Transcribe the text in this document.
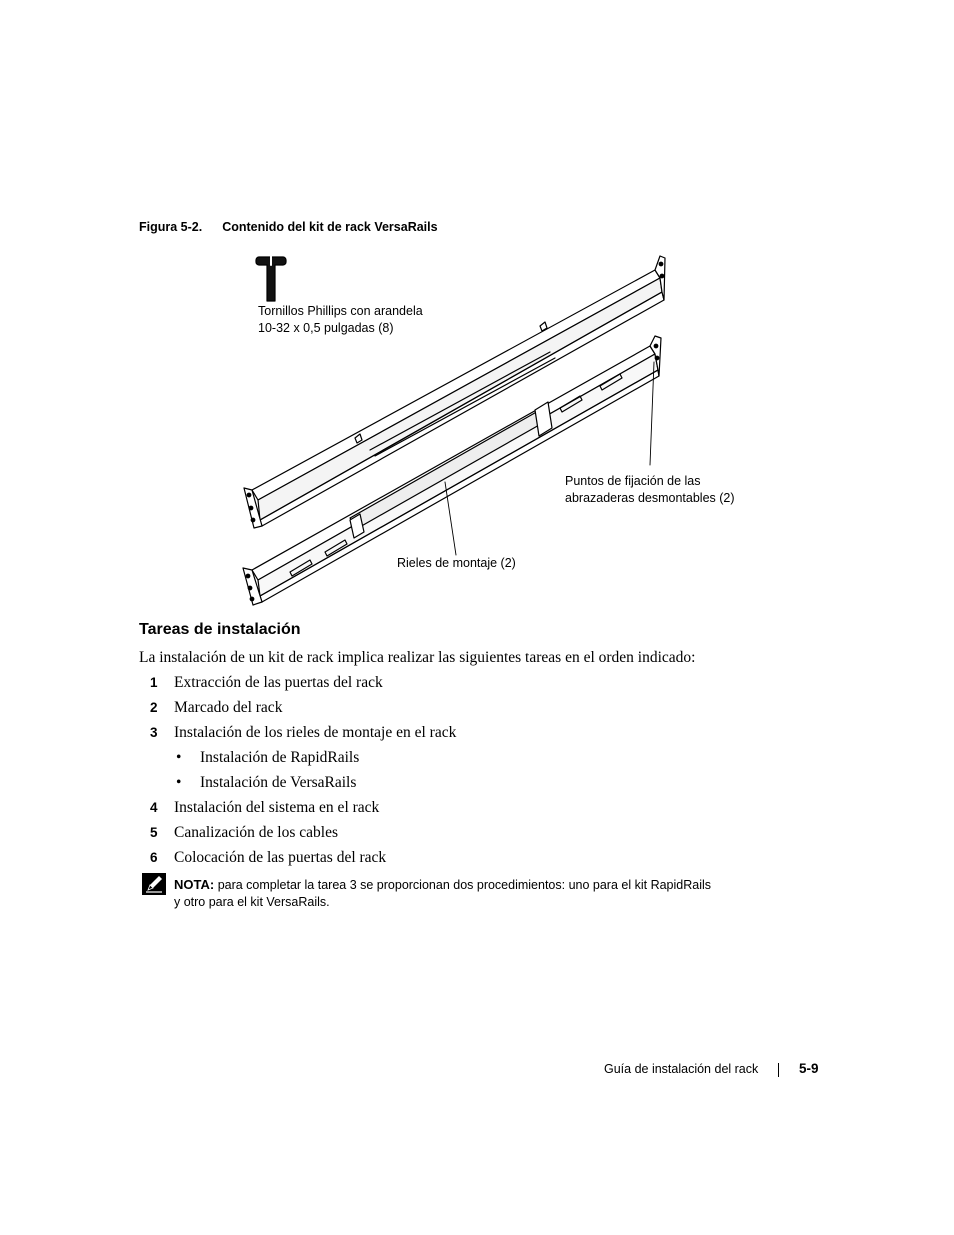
Figura 5-2. Contenido del kit de rack VersaRails
Tornillos Phillips con arandela
10-32 x 0,5 pulgadas (8)
Puntos de fijación de las
abrazaderas desmontables (2)
Rieles de montaje (2)
Tareas de instalación
La instalación de un kit de rack implica realizar las siguientes tareas en el orden indicado:
1 Extracción de las puertas del rack
2 Marcado del rack
3 Instalación de los rieles de montaje en el rack
• Instalación de RapidRails
• Instalación de VersaRails
4 Instalación del sistema en el rack
5 Canalización de los cables
6 Colocación de las puertas del rack
NOTA: para completar la tarea 3 se proporcionan dos procedimientos: uno para el kit RapidRails
y otro para el kit VersaRails.
Guía de instalación del rack	5-9
